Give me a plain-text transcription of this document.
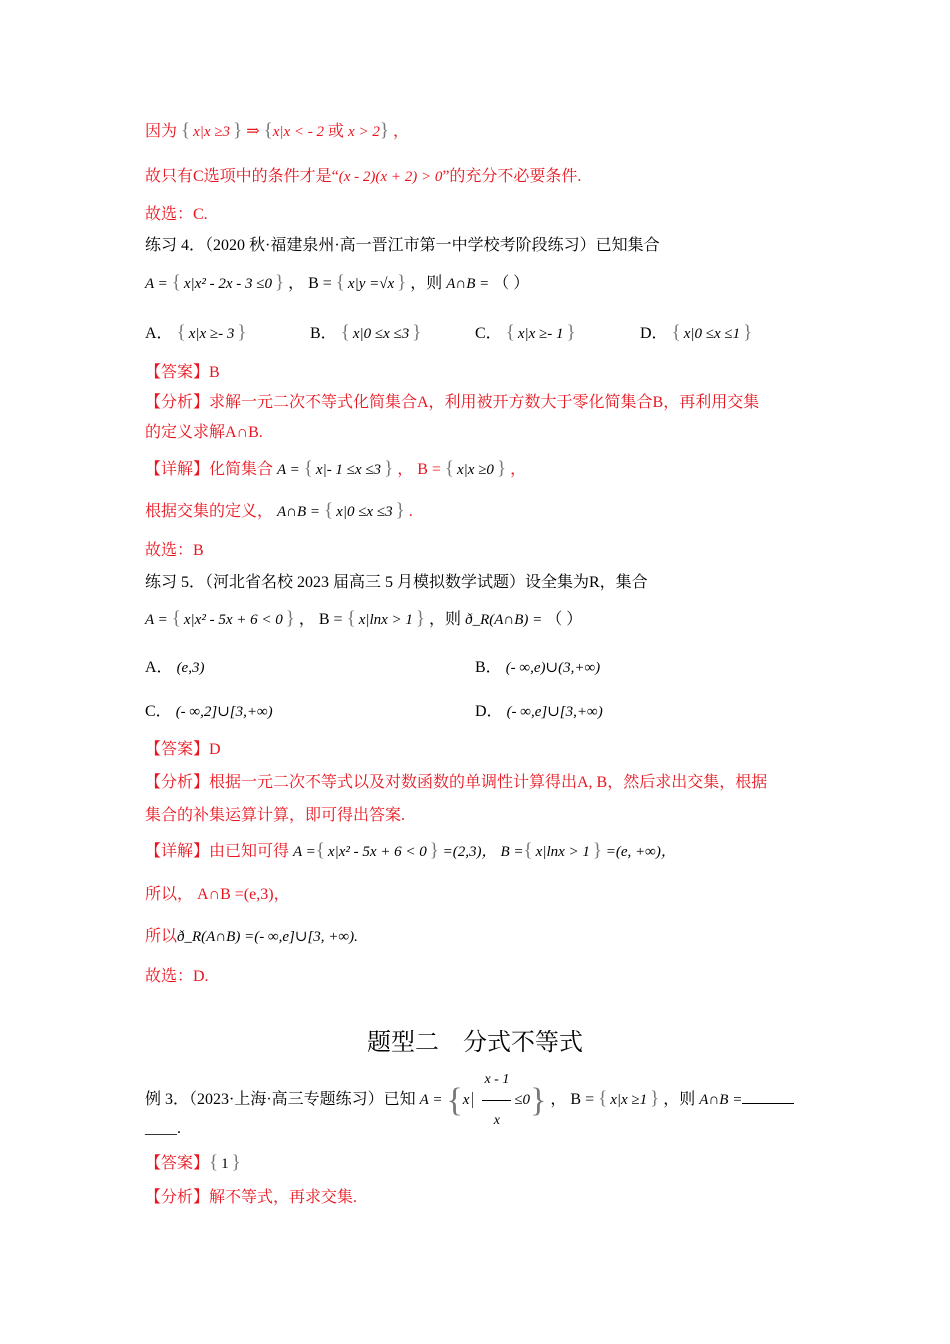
因为 { x|x ≥3 } ⇒ {x|x < - 2 或 x > 2} ，
故只有C选项中的条件才是“(x - 2)(x + 2) > 0”的充分不必要条件.
故选：C.
练习 4．（2020 秋·福建泉州·高一晋江市第一中学校考阶段练习）已知集合
A = { x|x² - 2x - 3 ≤0 } ， B = { x|y =√x } ，则 A∩B = （ ）
A． { x|x ≥- 3 }	B． { x|0 ≤x ≤3 }	C． { x|x ≥- 1 }	D． { x|0 ≤x ≤1 }
【答案】B
【分析】求解一元二次不等式化简集合A，利用被开方数大于零化简集合B，再利用交集
的定义求解A∩B.
【详解】化简集合 A = { x|- 1 ≤x ≤3 } ， B = { x|x ≥0 } ，
根据交集的定义， A∩B = { x|0 ≤x ≤3 } .
故选：B
练习 5．（河北省名校 2023 届高三 5 月模拟数学试题）设全集为R，集合
A = { x|x² - 5x + 6 < 0 } ， B = { x|lnx > 1 } ，则 ð_R(A∩B) = （ ）
A． (e,3)	B． (- ∞,e)∪(3,+∞)
C． (- ∞,2]∪[3,+∞)	D． (- ∞,e]∪[3,+∞)
【答案】D
【分析】根据一元二次不等式以及对数函数的单调性计算得出A, B，然后求出交集，根据
集合的补集运算计算，即可得出答案.
【详解】由已知可得 A = { x|x² - 5x + 6 < 0 } =(2,3)， B = { x|lnx > 1 } =(e, +∞)，
所以， A∩B =(e,3)，
所以ð_R(A∩B) =(- ∞,e]∪[3, +∞).
故选：D.
题型二 分式不等式
例 3．（2023·上海·高三专题练习）已知 A = { x $\frac{x - 1}{x} \le 0$ } ， B = { x|x ≥1 } ，则 A∩B =
____.
【答案】 { 1 }
【分析】解不等式，再求交集.
